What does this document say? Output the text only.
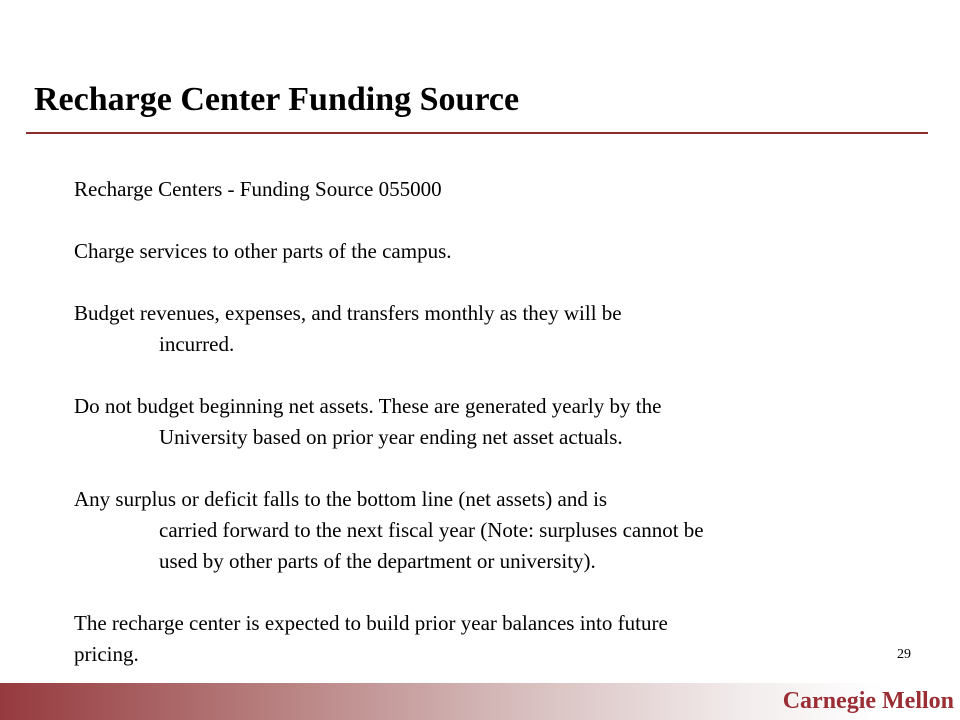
Recharge Center Funding Source

Recharge Centers - Funding Source 055000

Charge services to other parts of the campus.

Budget revenues, expenses, and transfers monthly as they will be
incurred.

Do not budget beginning net assets. These are generated yearly by the
University based on prior year ending net asset actuals.

Any surplus or deficit falls to the bottom line (net assets) and is
carried forward to the next fiscal year (Note: surpluses cannot be
used by other parts of the department or university).

The recharge center is expected to build prior year balances into future
pricing.	29
Carnegie Mellon
